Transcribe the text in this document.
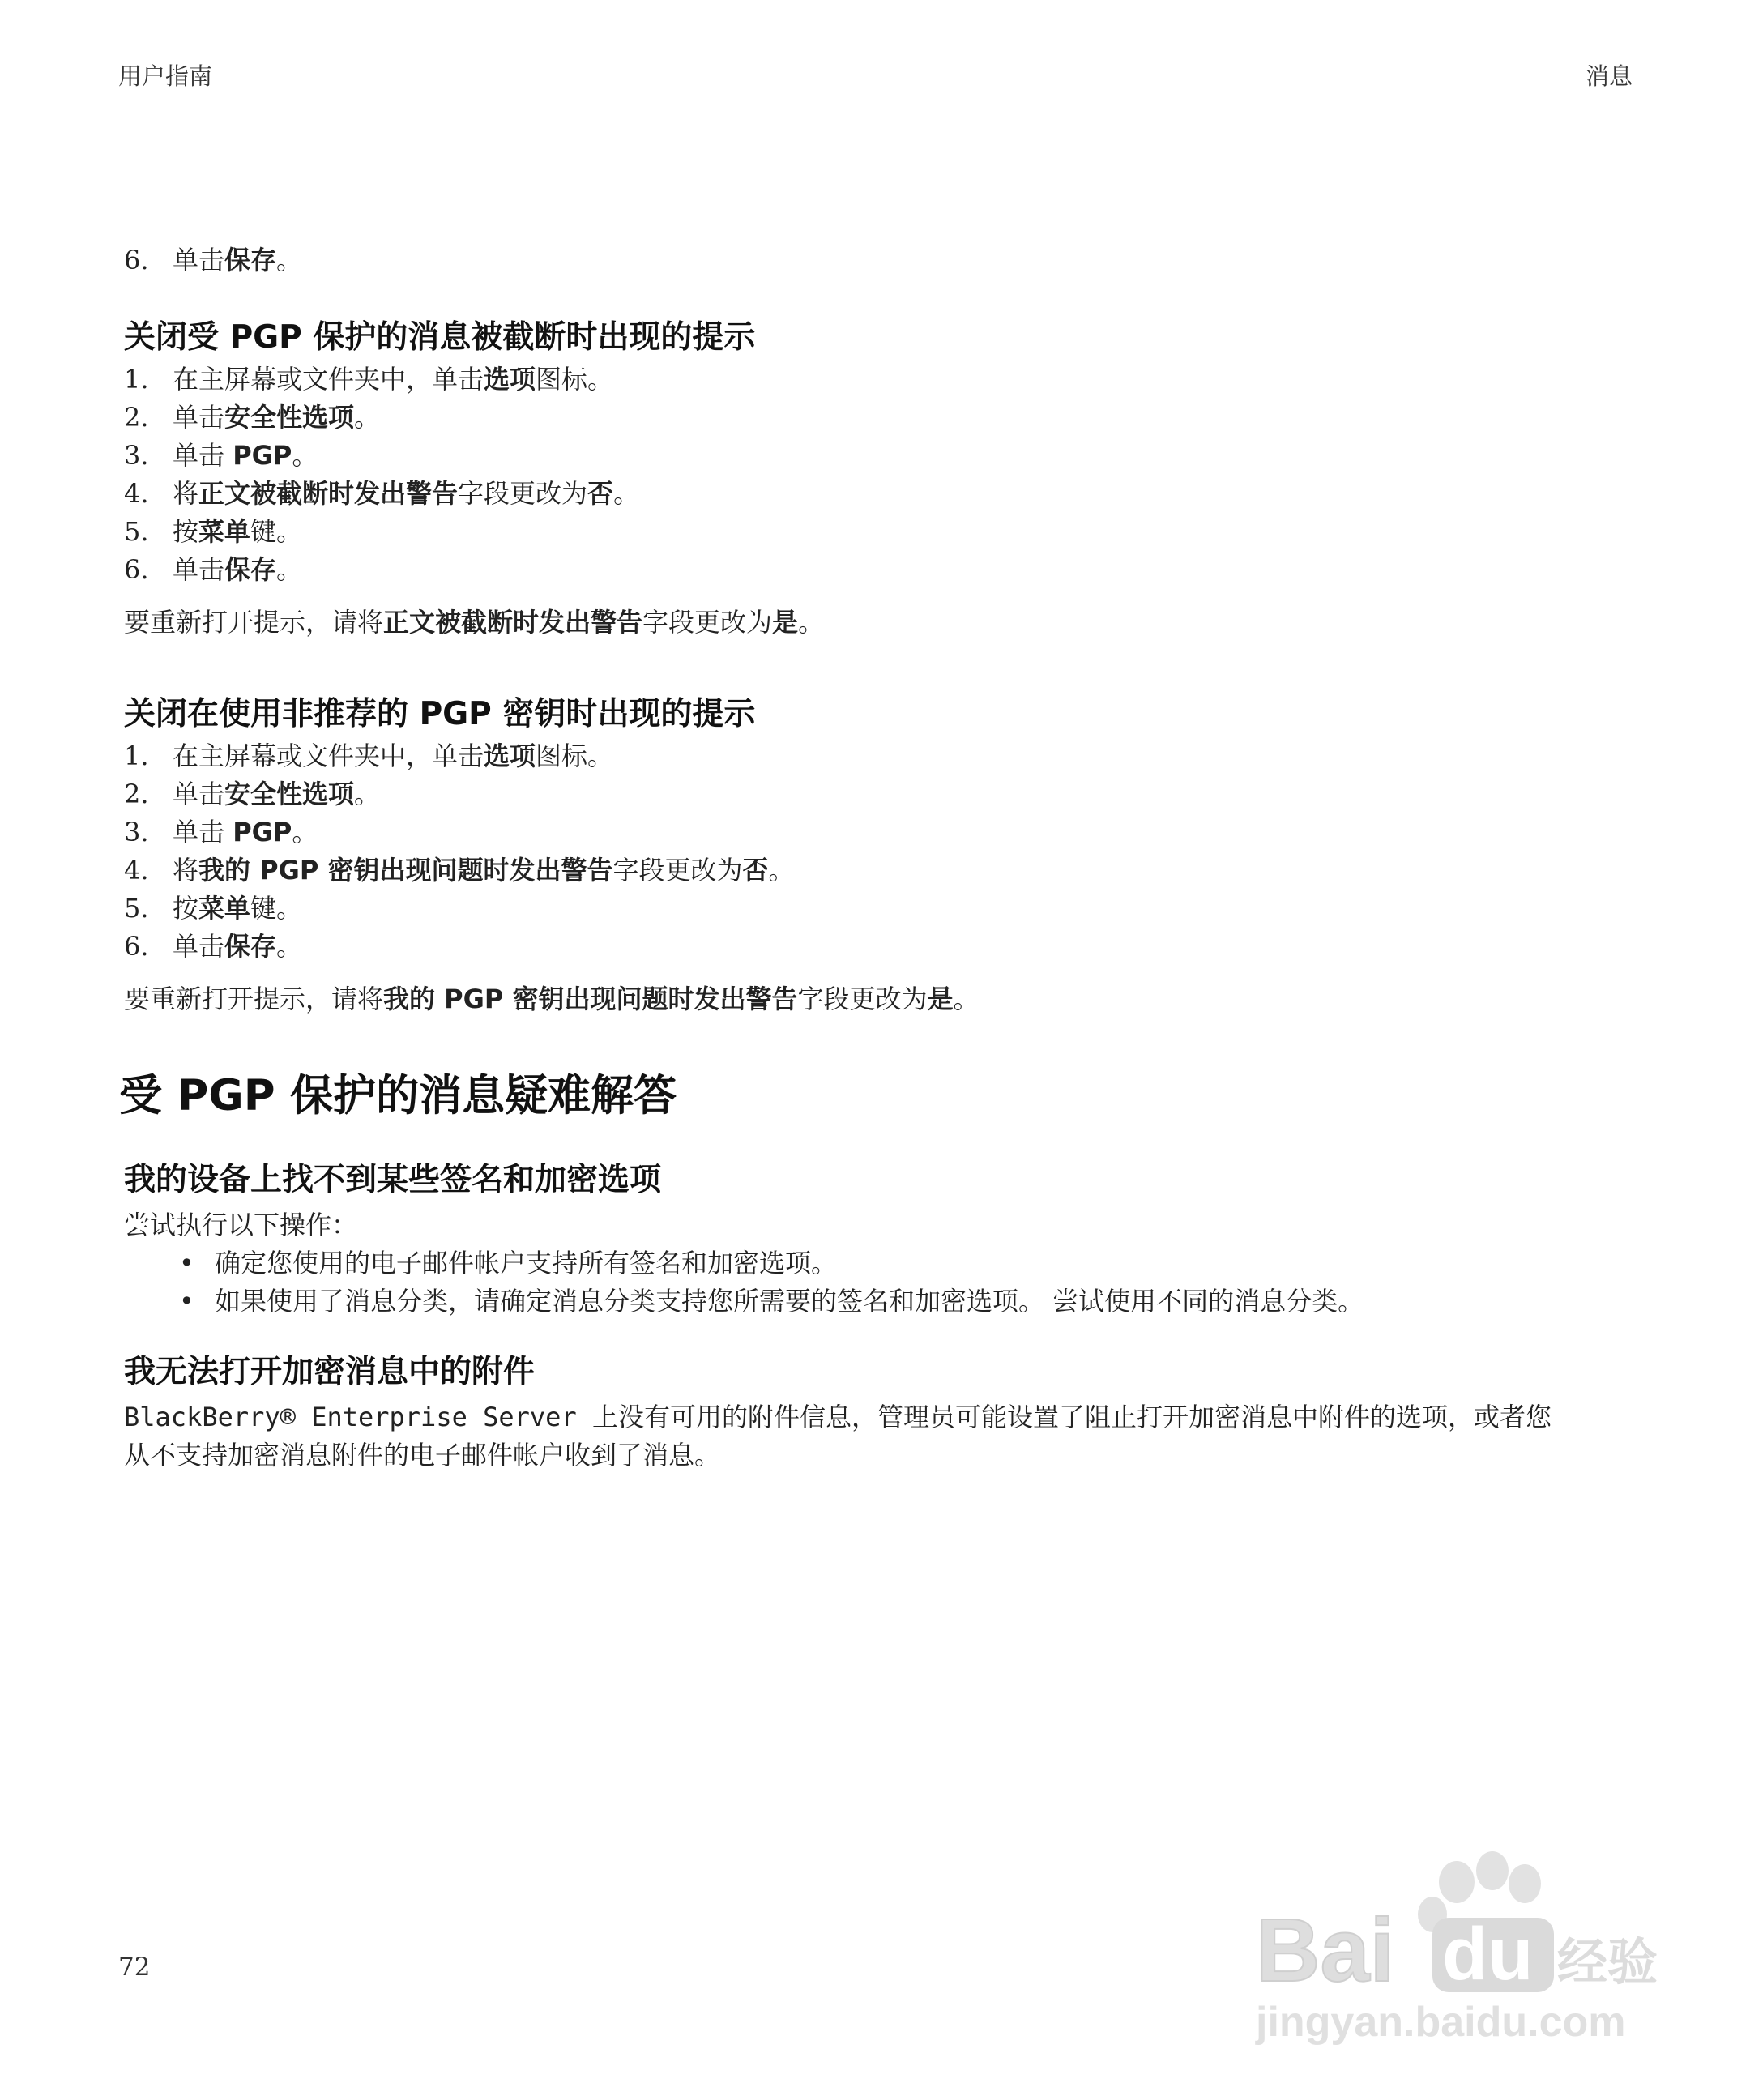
用户指南	消息
6. 单击保存。
关闭受 PGP 保护的消息被截断时出现的提示
1. 在主屏幕或文件夹中，单击选项图标。
2. 单击安全性选项。
3. 单击 PGP。
4. 将正文被截断时发出警告字段更改为否。
5. 按菜单键。
6. 单击保存。

要重新打开提示，请将正文被截断时发出警告字段更改为是。

关闭在使用非推荐的 PGP 密钥时出现的提示
1. 在主屏幕或文件夹中，单击选项图标。
2. 单击安全性选项。
3. 单击 PGP。
4. 将我的 PGP 密钥出现问题时发出警告字段更改为否。
5. 按菜单键。
6. 单击保存。

要重新打开提示，请将我的 PGP 密钥出现问题时发出警告字段更改为是。

受 PGP 保护的消息疑难解答
我的设备上找不到某些签名和加密选项

尝试执行以下操作：

• 确定您使用的电子邮件帐户支持所有签名和加密选项。
• 如果使用了消息分类，请确定消息分类支持您所需要的签名和加密选项。 尝试使用不同的消息分类。
我无法打开加密消息中的附件

BlackBerry® Enterprise Server 上没有可用的附件信息，管理员可能设置了阻止打开加密消息中附件的选项，或者您

从不支持加密消息附件的电子邮件帐户收到了消息。

72	Bai du 经验
jingyan.baidu.com
